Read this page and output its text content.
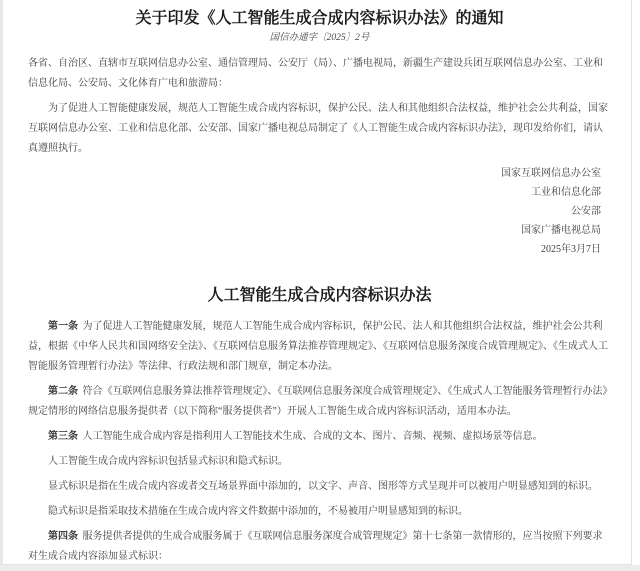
关于印发《人工智能生成合成内容标识办法》的通知
国信办通字〔2025〕2号

各省、自治区、直辖市互联网信息办公室、通信管理局、公安厅（局）、广播电视局，新疆生产建设兵团互联网信息办公室、工业和信息化局、公安局、文化体育广电和旅游局：

为了促进人工智能健康发展，规范人工智能生成合成内容标识，保护公民、法人和其他组织合法权益，维护社会公共利益，国家互联网信息办公室、工业和信息化部、公安部、国家广播电视总局制定了《人工智能生成合成内容标识办法》，现印发给你们，请认真遵照执行。

国家互联网信息办公室
工业和信息化部
公安部
国家广播电视总局
2025年3月7日
人工智能生成合成内容标识办法

第一条 为了促进人工智能健康发展，规范人工智能生成合成内容标识，保护公民、法人和其他组织合法权益，维护社会公共利益，根据《中华人民共和国网络安全法》、《互联网信息服务算法推荐管理规定》、《互联网信息服务深度合成管理规定》、《生成式人工智能服务管理暂行办法》等法律、行政法规和部门规章，制定本办法。

第二条 符合《互联网信息服务算法推荐管理规定》、《互联网信息服务深度合成管理规定》、《生成式人工智能服务管理暂行办法》规定情形的网络信息服务提供者（以下简称“服务提供者”）开展人工智能生成合成内容标识活动，适用本办法。

第三条 人工智能生成合成内容是指利用人工智能技术生成、合成的文本、图片、音频、视频、虚拟场景等信息。

人工智能生成合成内容标识包括显式标识和隐式标识。

显式标识是指在生成合成内容或者交互场景界面中添加的，以文字、声音、图形等方式呈现并可以被用户明显感知到的标识。

隐式标识是指采取技术措施在生成合成内容文件数据中添加的，不易被用户明显感知到的标识。

第四条 服务提供者提供的生成合成服务属于《互联网信息服务深度合成管理规定》第十七条第一款情形的，应当按照下列要求对生成合成内容添加显式标识：
